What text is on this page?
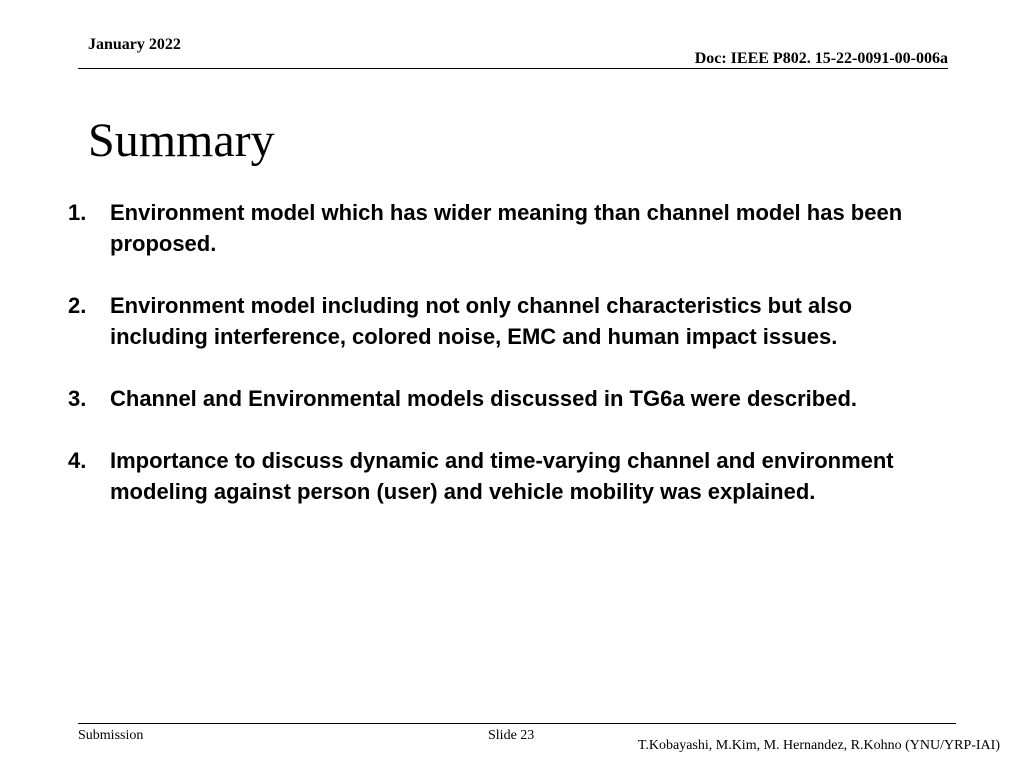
January 2022
Doc: IEEE P802. 15-22-0091-00-006a
Summary
1.	Environment model which has wider meaning than channel model has been proposed.
2.	Environment model including not only channel characteristics but also including interference, colored noise, EMC and human impact issues.
3.	Channel and Environmental models discussed in TG6a were described.
4.	Importance to discuss dynamic and time-varying channel and environment modeling against person (user) and vehicle mobility was explained.
Submission	Slide 23
T.Kobayashi, M.Kim, M. Hernandez, R.Kohno (YNU/YRP-IAI)
